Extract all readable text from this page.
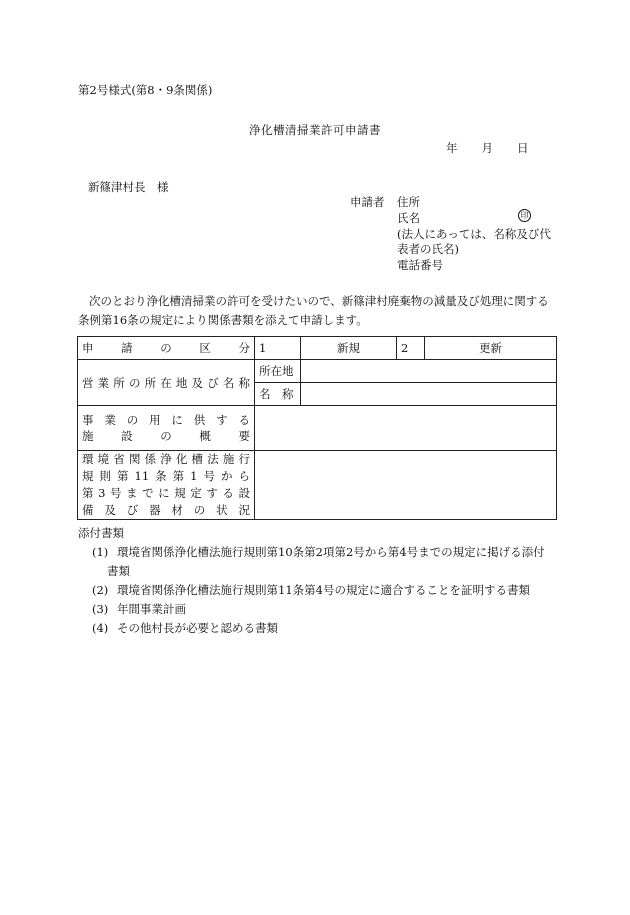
第2号様式(第8・9条関係)
浄化槽清掃業許可申請書
年 月 日
新篠津村長　様
申請者 住所
氏名	印
(法人にあっては、名称及び代
表者の氏名)
電話番号
次のとおり浄化槽清掃業の許可を受けたいので、新篠津村廃棄物の減量及び処理に関する条例第16条の規定により関係書類を添えて申請します。
申請の区分	1	新規	2	更新
営業所の所在地及び名称	所在地			
	名　称			

事業の用に供する
施設の概要				

環境省関係浄化槽法施行
規則第11条第1号から
第3号までに規定する設
備及び器材の状況				

添付書類
(1) 環境省関係浄化槽法施行規則第10条第2項第2号から第4号までの規定に掲げる添付
書類
(2) 環境省関係浄化槽法施行規則第11条第4号の規定に適合することを証明する書類
(3) 年間事業計画
(4) その他村長が必要と認める書類
